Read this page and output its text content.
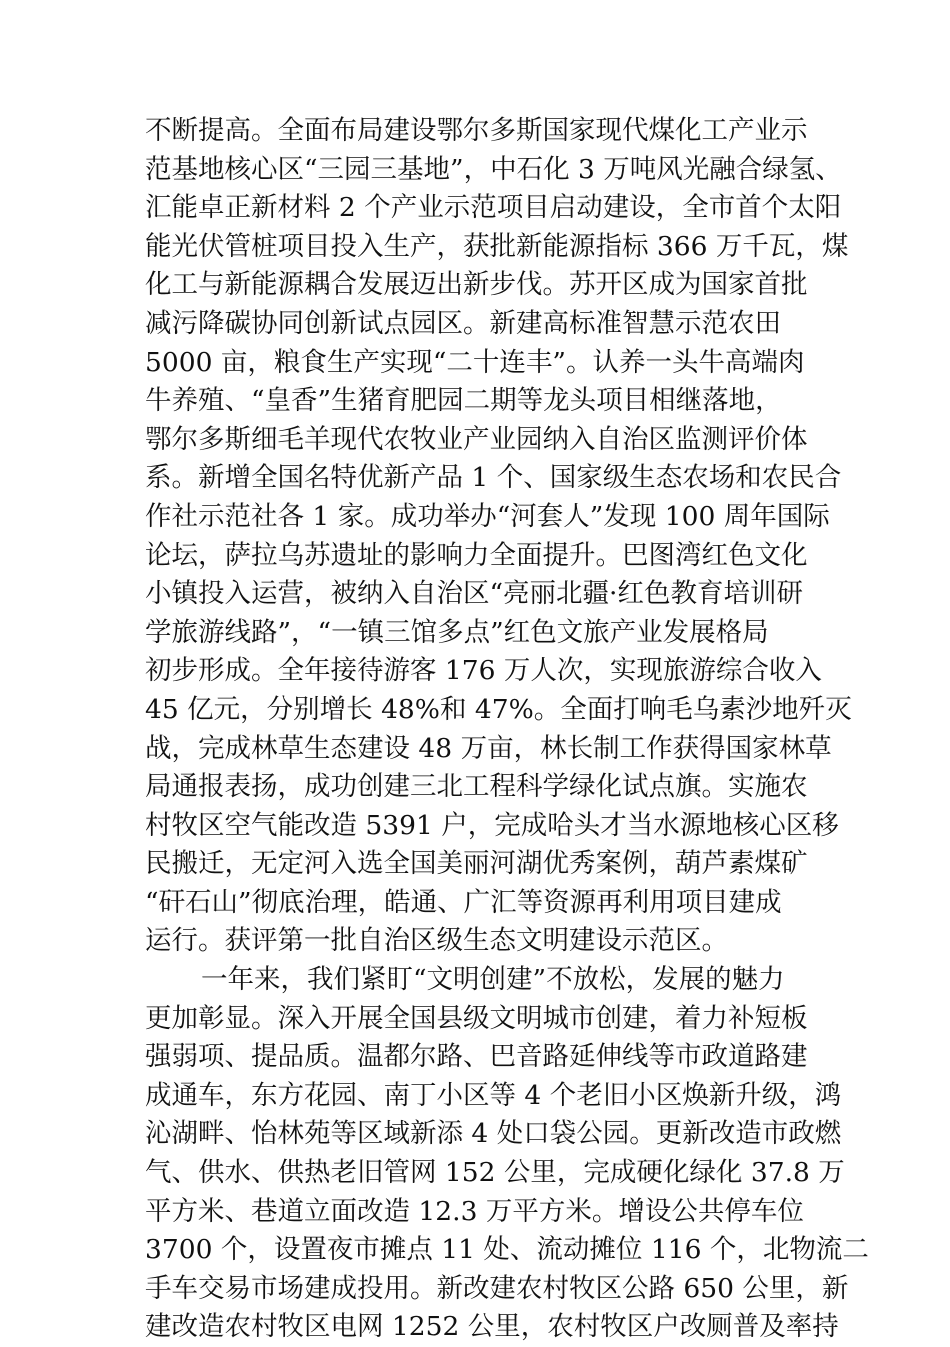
不断提高。全面布局建设鄂尔多斯国家现代煤化工产业示
范基地核心区“三园三基地”，中石化 3 万吨风光融合绿氢、
汇能卓正新材料 2 个产业示范项目启动建设，全市首个太阳
能光伏管桩项目投入生产，获批新能源指标 366 万千瓦，煤
化工与新能源耦合发展迈出新步伐。苏开区成为国家首批
减污降碳协同创新试点园区。新建高标准智慧示范农田
5000 亩，粮食生产实现“二十连丰”。认养一头牛高端肉
牛养殖、“皇香”生猪育肥园二期等龙头项目相继落地，
鄂尔多斯细毛羊现代农牧业产业园纳入自治区监测评价体
系。新增全国名特优新产品 1 个、国家级生态农场和农民合
作社示范社各 1 家。成功举办“河套人”发现 100 周年国际
论坛，萨拉乌苏遗址的影响力全面提升。巴图湾红色文化
小镇投入运营，被纳入自治区“亮丽北疆·红色教育培训研
学旅游线路”，“一镇三馆多点”红色文旅产业发展格局
初步形成。全年接待游客 176 万人次，实现旅游综合收入
45 亿元，分别增长 48%和 47%。全面打响毛乌素沙地歼灭
战，完成林草生态建设 48 万亩，林长制工作获得国家林草
局通报表扬，成功创建三北工程科学绿化试点旗。实施农
村牧区空气能改造 5391 户，完成哈头才当水源地核心区移
民搬迁，无定河入选全国美丽河湖优秀案例，葫芦素煤矿
“矸石山”彻底治理，皓通、广汇等资源再利用项目建成
运行。获评第一批自治区级生态文明建设示范区。
一年来，我们紧盯“文明创建”不放松，发展的魅力
更加彰显。深入开展全国县级文明城市创建，着力补短板
强弱项、提品质。温都尔路、巴音路延伸线等市政道路建
成通车，东方花园、南丁小区等 4 个老旧小区焕新升级，鸿
沁湖畔、怡林苑等区域新添 4 处口袋公园。更新改造市政燃
气、供水、供热老旧管网 152 公里，完成硬化绿化 37.8 万
平方米、巷道立面改造 12.3 万平方米。增设公共停车位
3700 个，设置夜市摊点 11 处、流动摊位 116 个，北物流二
手车交易市场建成投用。新改建农村牧区公路 650 公里，新
建改造农村牧区电网 1252 公里，农村牧区户改厕普及率持
